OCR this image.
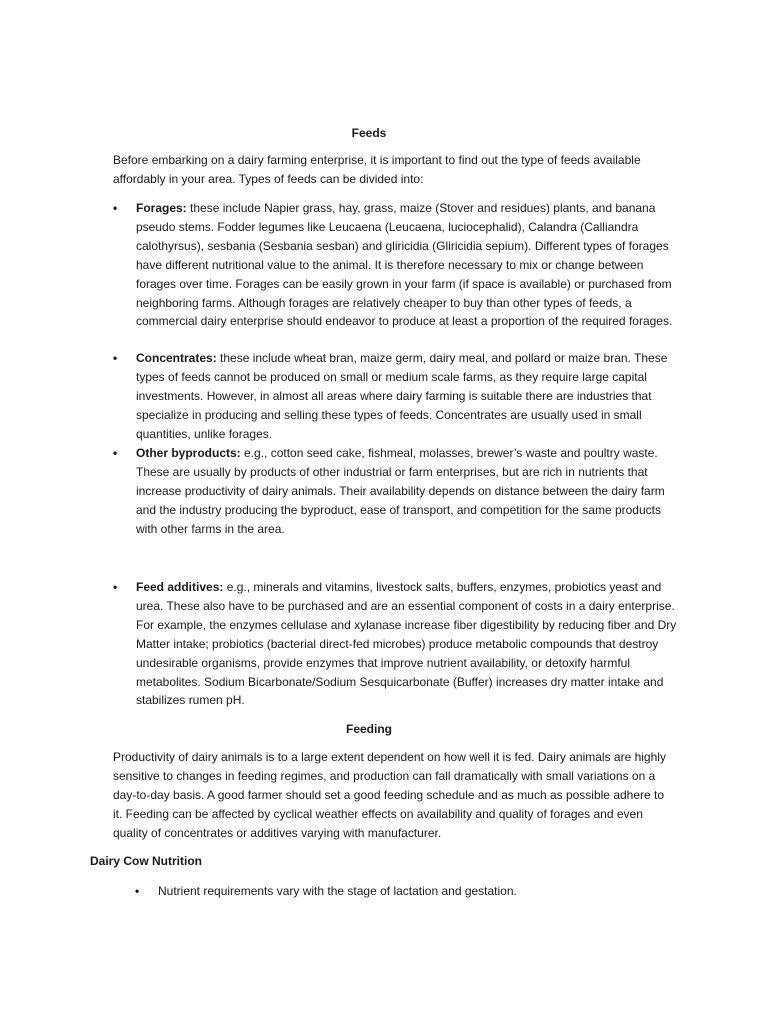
Feeds
Before embarking on a dairy farming enterprise, it is important to find out the type of feeds available affordably in your area. Types of feeds can be divided into:
•	Forages: these include Napier grass, hay, grass, maize (Stover and residues) plants, and banana pseudo stems. Fodder legumes like Leucaena (Leucaena, luciocephalid), Calandra (Calliandra calothyrsus), sesbania (Sesbania sesban) and gliricidia (Gliricidia sepium). Different types of forages have different nutritional value to the animal. It is therefore necessary to mix or change between forages over time. Forages can be easily grown in your farm (if space is available) or purchased from neighboring farms. Although forages are relatively cheaper to buy than other types of feeds, a commercial dairy enterprise should endeavor to produce at least a proportion of the required forages.
•	Concentrates: these include wheat bran, maize germ, dairy meal, and pollard or maize bran. These types of feeds cannot be produced on small or medium scale farms, as they require large capital investments. However, in almost all areas where dairy farming is suitable there are industries that specialize in producing and selling these types of feeds. Concentrates are usually used in small quantities, unlike forages.
•	Other byproducts: e.g., cotton seed cake, fishmeal, molasses, brewer’s waste and poultry waste. These are usually by products of other industrial or farm enterprises, but are rich in nutrients that increase productivity of dairy animals. Their availability depends on distance between the dairy farm and the industry producing the byproduct, ease of transport, and competition for the same products with other farms in the area.
•	Feed additives: e.g., minerals and vitamins, livestock salts, buffers, enzymes, probiotics yeast and urea. These also have to be purchased and are an essential component of costs in a dairy enterprise. For example, the enzymes cellulase and xylanase increase fiber digestibility by reducing fiber and Dry Matter intake; probiotics (bacterial direct-fed microbes) produce metabolic compounds that destroy undesirable organisms, provide enzymes that improve nutrient availability, or detoxify harmful metabolites. Sodium Bicarbonate/Sodium Sesquicarbonate (Buffer) increases dry matter intake and stabilizes rumen pH.
Feeding
Productivity of dairy animals is to a large extent dependent on how well it is fed. Dairy animals are highly sensitive to changes in feeding regimes, and production can fall dramatically with small variations on a day-to-day basis. A good farmer should set a good feeding schedule and as much as possible adhere to it. Feeding can be affected by cyclical weather effects on availability and quality of forages and even quality of concentrates or additives varying with manufacturer.
Dairy Cow Nutrition
•	Nutrient requirements vary with the stage of lactation and gestation.
